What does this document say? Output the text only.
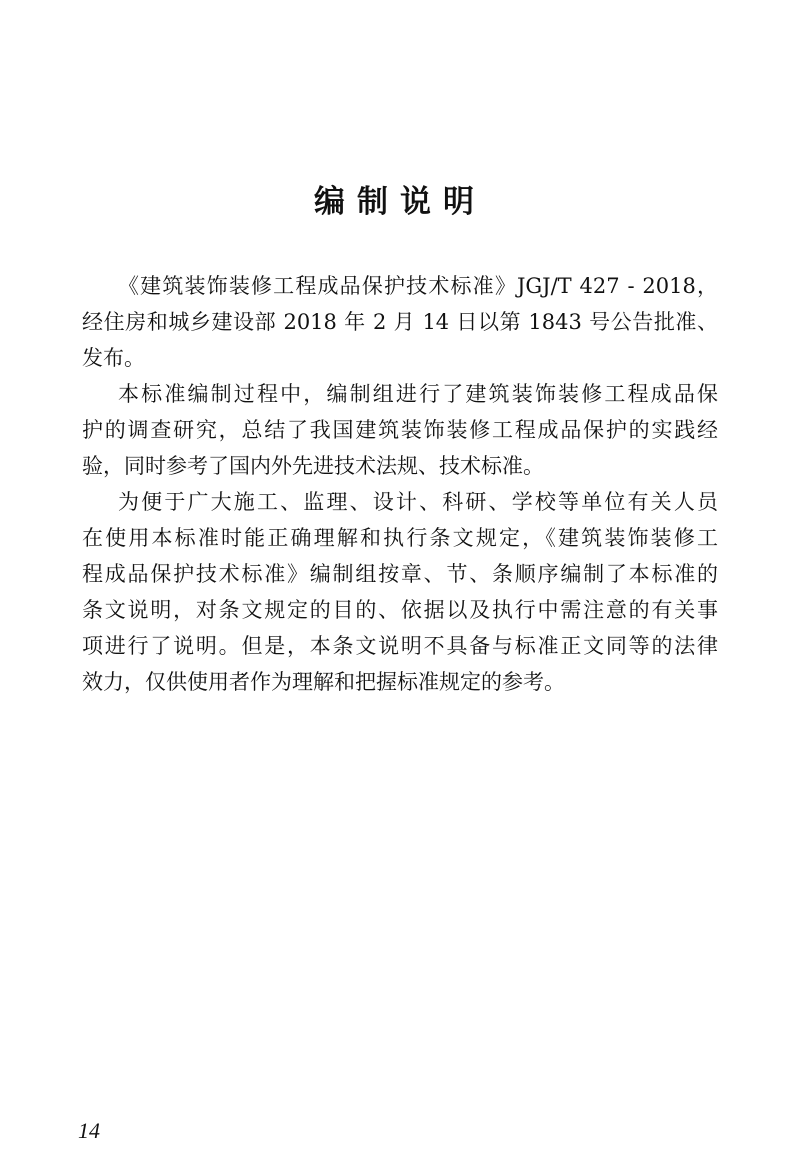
编制说明
《建筑装饰装修工程成品保护技术标准》JGJ/T 427 - 2018，
经住房和城乡建设部 2018 年 2 月 14 日以第 1843 号公告批准、
发布。
本标准编制过程中，编制组进行了建筑装饰装修工程成品保
护的调查研究，总结了我国建筑装饰装修工程成品保护的实践经
验，同时参考了国内外先进技术法规、技术标准。
为便于广大施工、监理、设计、科研、学校等单位有关人员
在使用本标准时能正确理解和执行条文规定，《建筑装饰装修工
程成品保护技术标准》编制组按章、节、条顺序编制了本标准的
条文说明，对条文规定的目的、依据以及执行中需注意的有关事
项进行了说明。但是，本条文说明不具备与标准正文同等的法律
效力，仅供使用者作为理解和把握标准规定的参考。
14
